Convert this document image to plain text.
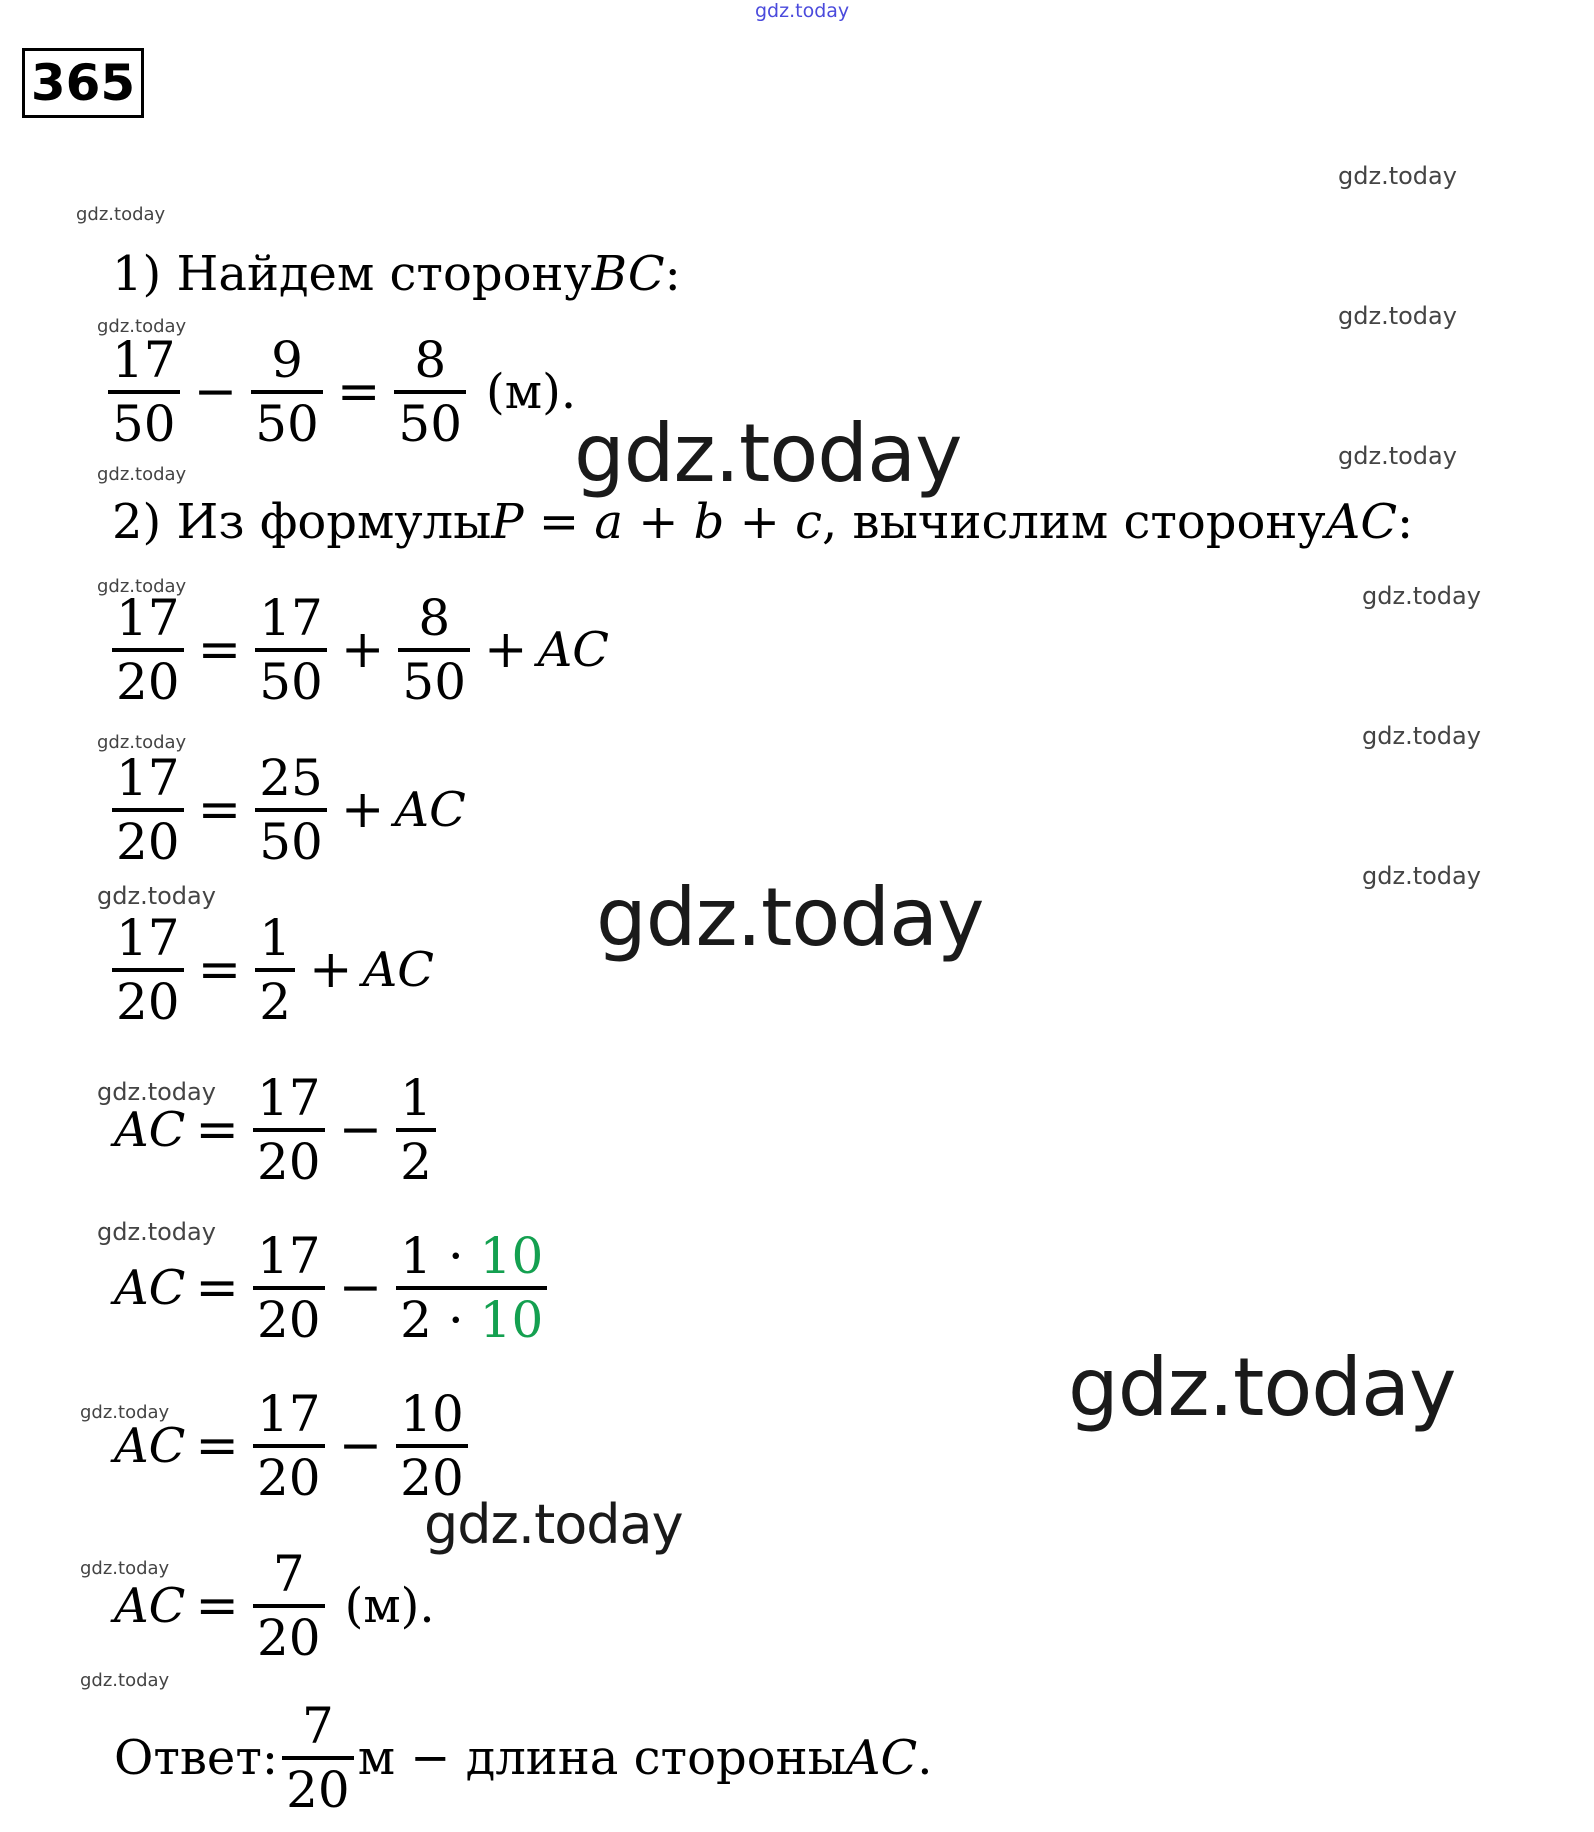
gdz.today
365
gdz.today
gdz.today
gdz.today	gdz.today
gdz.today
gdz.today
gdz.today	gdz.today
gdz.today	gdz.today
gdz.today
gdz.today
gdz.today
gdz.today
gdz.today
gdz.today
gdz.today
gdz.today
gdz.today
gdz.today
gdz.today
1) Найдем сторону BC :
$\frac{17}{50} - \frac{9}{50} = \frac{8}{50} (м)$.
2) Из формулы P = a + b + c , вычислим сторону AC :
$\frac{17}{20} = \frac{17}{50} + \frac{8}{50}$ + AC
$\frac{17}{20} = \frac{25}{50}$ + AC
$\frac{17}{20} = \frac{1}{2}$ + AC
AC = $\frac{17}{20} - \frac{1}{2}$
AC = $\frac{17}{20} - \frac{1 \cdot 10}{2 \cdot 10}$
AC = $\frac{17}{20} - \frac{10}{20}$
AC = $\frac{7}{20} (м)$.
Ответ: $\frac{7}{20}$ м − длина стороны AC .
